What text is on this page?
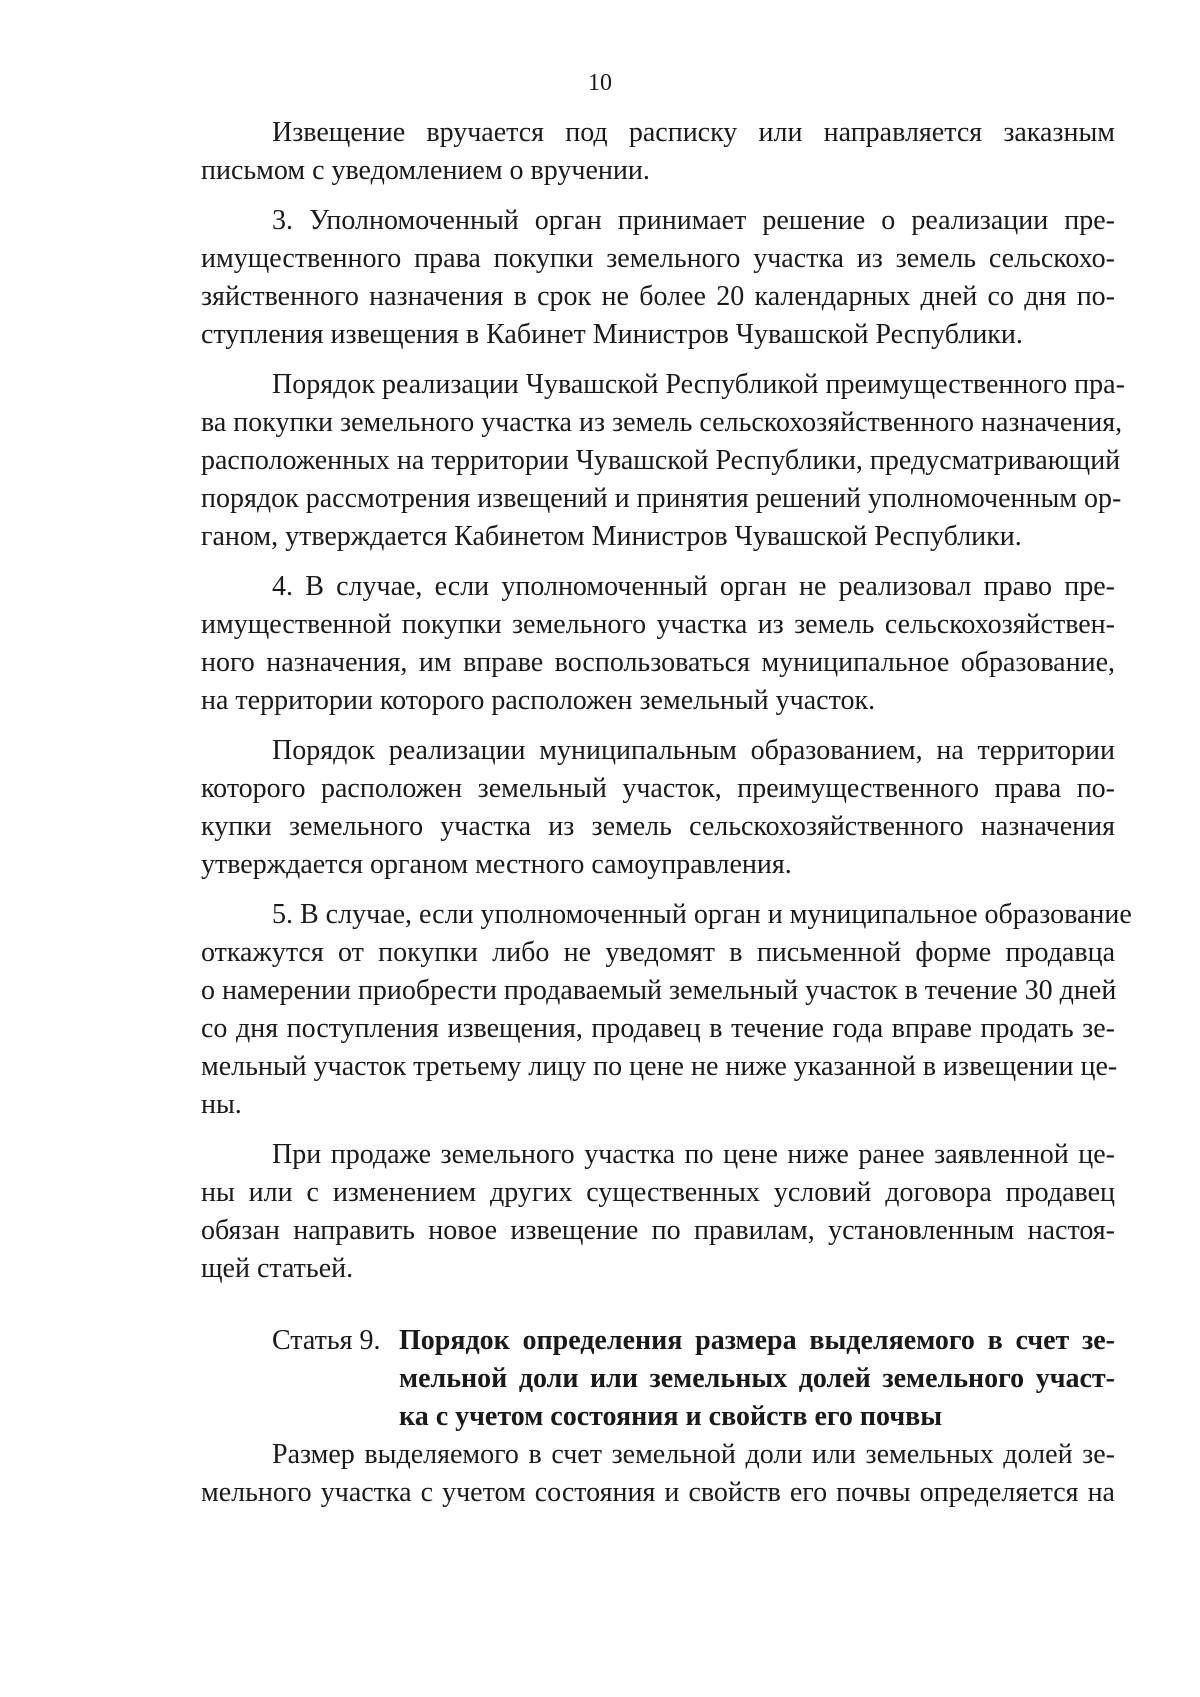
10
Извещение вручается под расписку или направляется заказным
письмом с уведомлением о вручении.
3. Уполномоченный орган принимает решение о реализации пре-
имущественного права покупки земельного участка из земель сельскохо-
зяйственного назначения в срок не более 20 календарных дней со дня по-
ступления извещения в Кабинет Министров Чувашской Республики.
Порядок реализации Чувашской Республикой преимущественного пра-
ва покупки земельного участка из земель сельскохозяйственного назначения,
расположенных на территории Чувашской Республики, предусматривающий
порядок рассмотрения извещений и принятия решений уполномоченным ор-
ганом, утверждается Кабинетом Министров Чувашской Республики.
4. В случае, если уполномоченный орган не реализовал право пре-
имущественной покупки земельного участка из земель сельскохозяйствен-
ного назначения, им вправе воспользоваться муниципальное образование,
на территории которого расположен земельный участок.
Порядок реализации муниципальным образованием, на территории
которого расположен земельный участок, преимущественного права по-
купки земельного участка из земель сельскохозяйственного назначения
утверждается органом местного самоуправления.
5. В случае, если уполномоченный орган и муниципальное образование
откажутся от покупки либо не уведомят в письменной форме продавца
о намерении приобрести продаваемый земельный участок в течение 30 дней
со дня поступления извещения, продавец в течение года вправе продать зе-
мельный участок третьему лицу по цене не ниже указанной в извещении це-
ны.
При продаже земельного участка по цене ниже ранее заявленной це-
ны или с изменением других существенных условий договора продавец
обязан направить новое извещение по правилам, установленным настоя-
щей статьей.
Статья 9. Порядок определения размера выделяемого в счет зе-
мельной доли или земельных долей земельного участ-
ка с учетом состояния и свойств его почвы
Размер выделяемого в счет земельной доли или земельных долей зе-
мельного участка с учетом состояния и свойств его почвы определяется на
